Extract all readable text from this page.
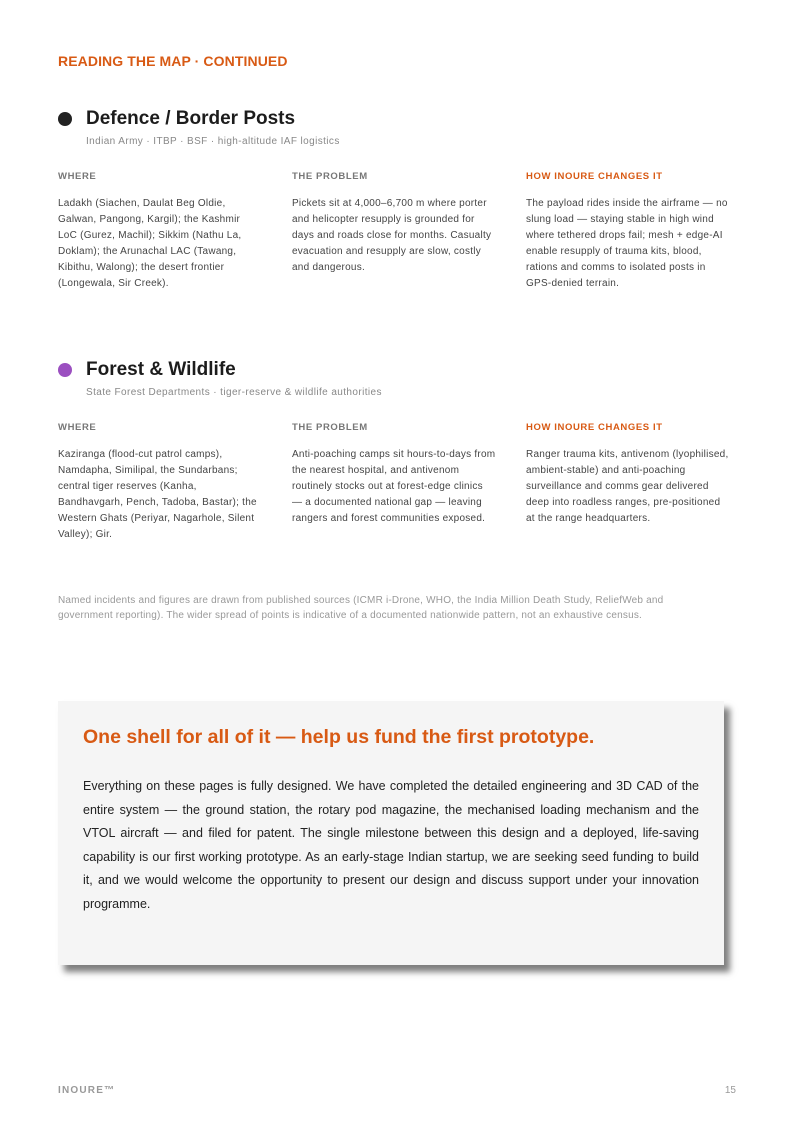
READING THE MAP · CONTINUED
Defence / Border Posts
Indian Army · ITBP · BSF · high-altitude IAF logistics
WHERE
Ladakh (Siachen, Daulat Beg Oldie, Galwan, Pangong, Kargil); the Kashmir LoC (Gurez, Machil); Sikkim (Nathu La, Doklam); the Arunachal LAC (Tawang, Kibithu, Walong); the desert frontier (Longewala, Sir Creek).
THE PROBLEM
Pickets sit at 4,000–6,700 m where porter and helicopter resupply is grounded for days and roads close for months. Casualty evacuation and resupply are slow, costly and dangerous.
HOW INOURE CHANGES IT
The payload rides inside the airframe — no slung load — staying stable in high wind where tethered drops fail; mesh + edge-AI enable resupply of trauma kits, blood, rations and comms to isolated posts in GPS-denied terrain.
Forest & Wildlife
State Forest Departments · tiger-reserve & wildlife authorities
WHERE
Kaziranga (flood-cut patrol camps), Namdapha, Similipal, the Sundarbans; central tiger reserves (Kanha, Bandhavgarh, Pench, Tadoba, Bastar); the Western Ghats (Periyar, Nagarhole, Silent Valley); Gir.
THE PROBLEM
Anti-poaching camps sit hours-to-days from the nearest hospital, and antivenom routinely stocks out at forest-edge clinics — a documented national gap — leaving rangers and forest communities exposed.
HOW INOURE CHANGES IT
Ranger trauma kits, antivenom (lyophilised, ambient-stable) and anti-poaching surveillance and comms gear delivered deep into roadless ranges, pre-positioned at the range headquarters.
Named incidents and figures are drawn from published sources (ICMR i-Drone, WHO, the India Million Death Study, ReliefWeb and government reporting). The wider spread of points is indicative of a documented nationwide pattern, not an exhaustive census.
One shell for all of it — help us fund the first prototype.
Everything on these pages is fully designed. We have completed the detailed engineering and 3D CAD of the entire system — the ground station, the rotary pod magazine, the mechanised loading mechanism and the VTOL aircraft — and filed for patent. The single milestone between this design and a deployed, life-saving capability is our first working prototype. As an early-stage Indian startup, we are seeking seed funding to build it, and we would welcome the opportunity to present our design and discuss support under your innovation programme.
INOURE™	15
